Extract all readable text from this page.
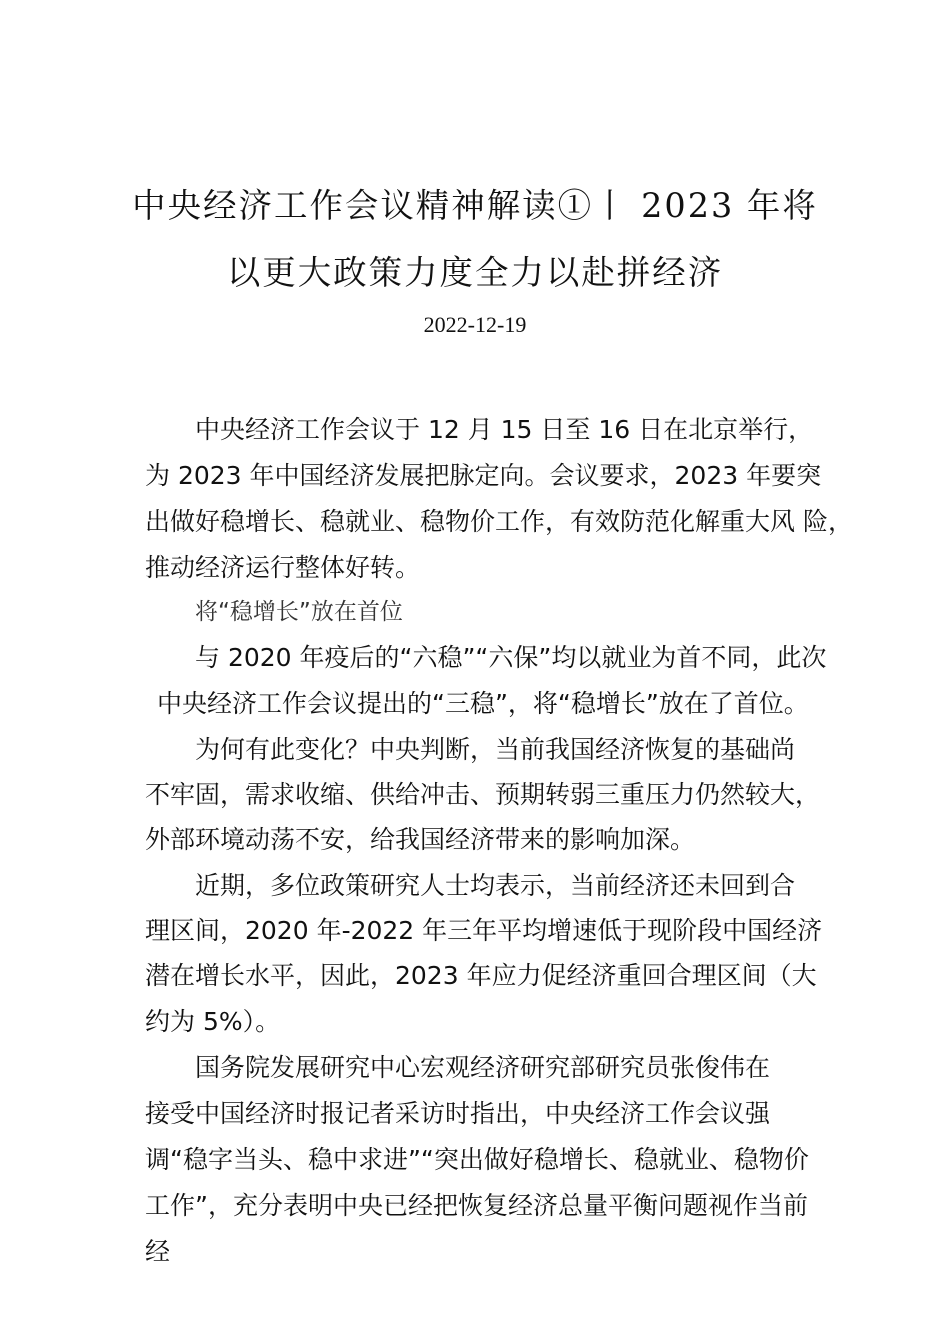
中央经济工作会议精神解读①丨 2023 年将
以更大政策力度全力以赴拼经济
2022-12-19
中央经济工作会议于 12 月 15 日至 16 日在北京举行，
为 2023 年中国经济发展把脉定向。会议要求，2023 年要突
出做好稳增长、稳就业、稳物价工作，有效防范化解重大风 险，
推动经济运行整体好转。
将“稳增长”放在首位
与 2020 年疫后的“六稳”“六保”均以就业为首不同，此次
中央经济工作会议提出的“三稳”，将“稳增长”放在了首位。
为何有此变化？中央判断，当前我国经济恢复的基础尚
不牢固，需求收缩、供给冲击、预期转弱三重压力仍然较大，
外部环境动荡不安，给我国经济带来的影响加深。
近期，多位政策研究人士均表示，当前经济还未回到合
理区间，2020 年-2022 年三年平均增速低于现阶段中国经济
潜在增长水平，因此，2023 年应力促经济重回合理区间（大
约为 5%）。
国务院发展研究中心宏观经济研究部研究员张俊伟在
接受中国经济时报记者采访时指出，中央经济工作会议强
调“稳字当头、稳中求进”“突出做好稳增长、稳就业、稳物价
工作”，充分表明中央已经把恢复经济总量平衡问题视作当前
经
